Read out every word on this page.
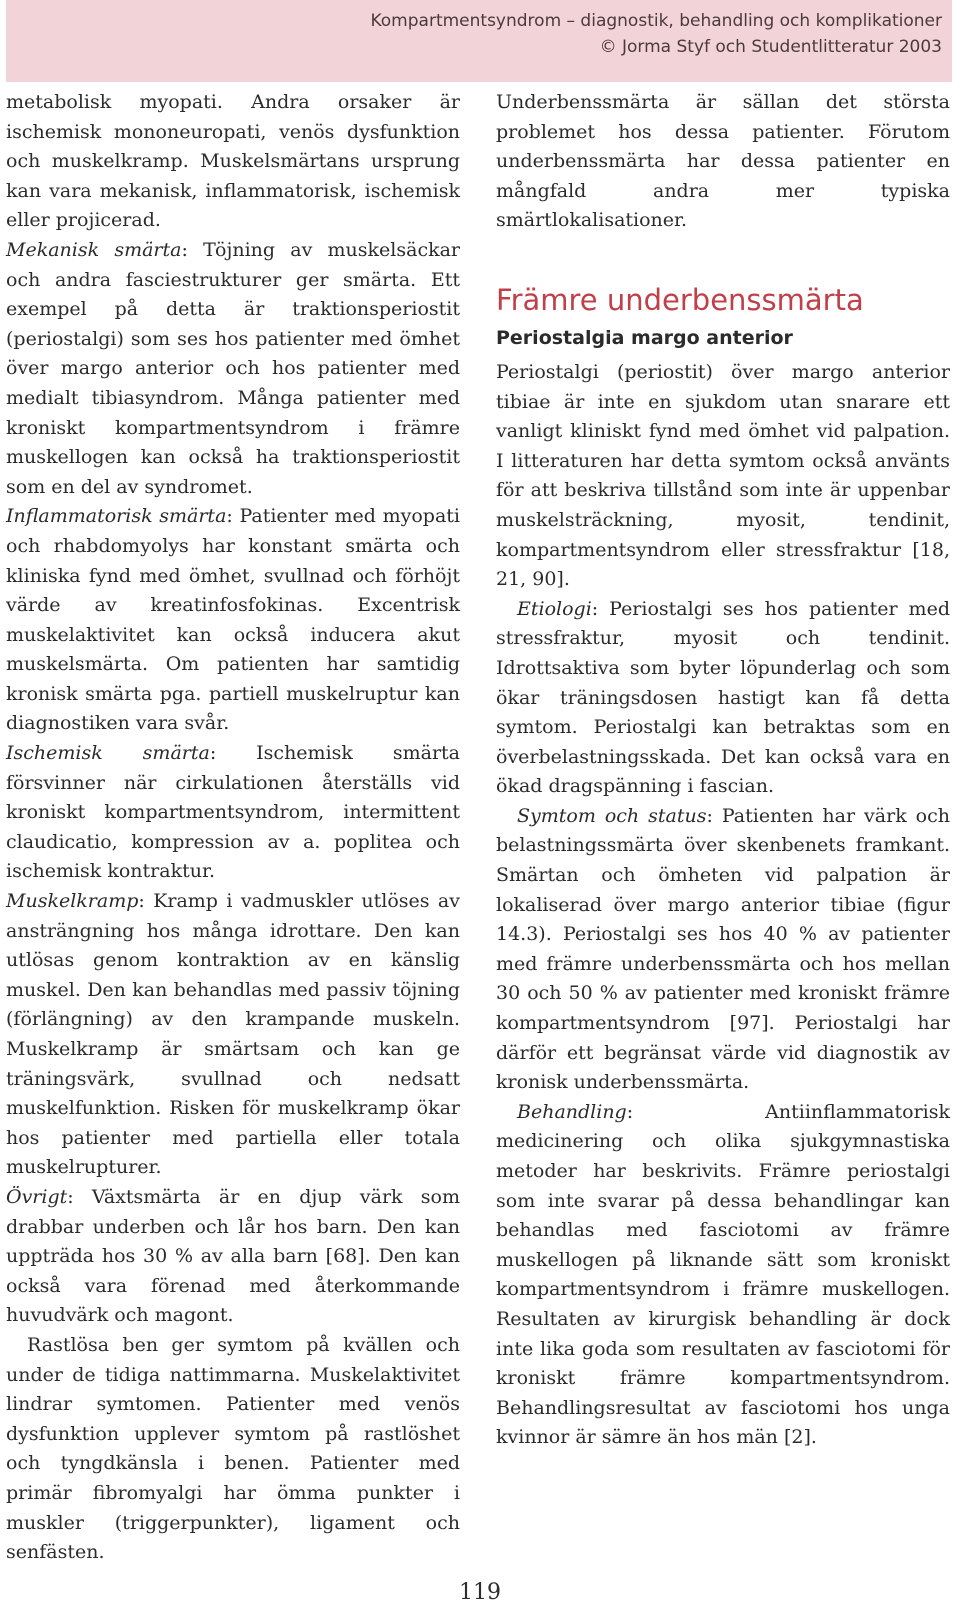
Kompartmentsyndrom – diagnostik, behandling och komplikationer
© Jorma Styf och Studentlitteratur 2003

metabolisk myopati. Andra orsaker är ischemisk mononeuropati, venös dysfunktion och muskelkramp. Muskelsmärtans ursprung kan vara mekanisk, inflammatorisk, ischemisk eller projicerad.

Mekanisk smärta: Töjning av muskelsäckar och andra fasciestrukturer ger smärta. Ett exempel på detta är traktionsperiostit (periostalgi) som ses hos patienter med ömhet över margo anterior och hos patienter med medialt tibiasyndrom. Många patienter med kroniskt kompartmentsyndrom i främre muskellogen kan också ha traktionsperiostit som en del av syndromet.

Inflammatorisk smärta: Patienter med myopati och rhabdomyolys har konstant smärta och kliniska fynd med ömhet, svullnad och förhöjt värde av kreatinfosfokinas. Excentrisk muskelaktivitet kan också inducera akut muskelsmärta. Om patienten har samtidig kronisk smärta pga. partiell muskelruptur kan diagnostiken vara svår.

Ischemisk smärta: Ischemisk smärta försvinner när cirkulationen återställs vid kroniskt kompartmentsyndrom, intermittent claudicatio, kompression av a. poplitea och ischemisk kontraktur.

Muskelkramp: Kramp i vadmuskler utlöses av ansträngning hos många idrottare. Den kan utlösas genom kontraktion av en känslig muskel. Den kan behandlas med passiv töjning (förlängning) av den krampande muskeln. Muskelkramp är smärtsam och kan ge träningsvärk, svullnad och nedsatt muskelfunktion. Risken för muskelkramp ökar hos patienter med partiella eller totala muskelrupturer.

Övrigt: Växtsmärta är en djup värk som drabbar underben och lår hos barn. Den kan uppträda hos 30 % av alla barn [68]. Den kan också vara förenad med återkommande huvudvärk och magont.

Rastlösa ben ger symtom på kvällen och under de tidiga nattimmarna. Muskelaktivitet lindrar symtomen. Patienter med venös dysfunktion upplever symtom på rastlöshet och tyngdkänsla i benen. Patienter med primär fibromyalgi har ömma punkter i muskler (triggerpunkter), ligament och senfästen.

Underbenssmärta är sällan det största problemet hos dessa patienter. Förutom underbenssmärta har dessa patienter en mångfald andra mer typiska smärtlokalisationer.

Främre underbenssmärta
Periostalgia margo anterior

Periostalgi (periostit) över margo anterior tibiae är inte en sjukdom utan snarare ett vanligt kliniskt fynd med ömhet vid palpation. I litteraturen har detta symtom också använts för att beskriva tillstånd som inte är uppenbar muskelsträckning, myosit, tendinit, kompartmentsyndrom eller stressfraktur [18, 21, 90].

Etiologi: Periostalgi ses hos patienter med stressfraktur, myosit och tendinit. Idrottsaktiva som byter löpunderlag och som ökar träningsdosen hastigt kan få detta symtom. Periostalgi kan betraktas som en överbelastningsskada. Det kan också vara en ökad dragspänning i fascian.

Symtom och status: Patienten har värk och belastningssmärta över skenbenets framkant. Smärtan och ömheten vid palpation är lokaliserad över margo anterior tibiae (figur 14.3). Periostalgi ses hos 40 % av patienter med främre underbenssmärta och hos mellan 30 och 50 % av patienter med kroniskt främre kompartmentsyndrom [97]. Periostalgi har därför ett begränsat värde vid diagnostik av kronisk underbenssmärta.

Behandling: Antiinflammatorisk medicinering och olika sjukgymnastiska metoder har beskrivits. Främre periostalgi som inte svarar på dessa behandlingar kan behandlas med fasciotomi av främre muskellogen på liknande sätt som kroniskt kompartmentsyndrom i främre muskellogen. Resultaten av kirurgisk behandling är dock inte lika goda som resultaten av fasciotomi för kroniskt främre kompartmentsyndrom. Behandlingsresultat av fasciotomi hos unga kvinnor är sämre än hos män [2].

119
